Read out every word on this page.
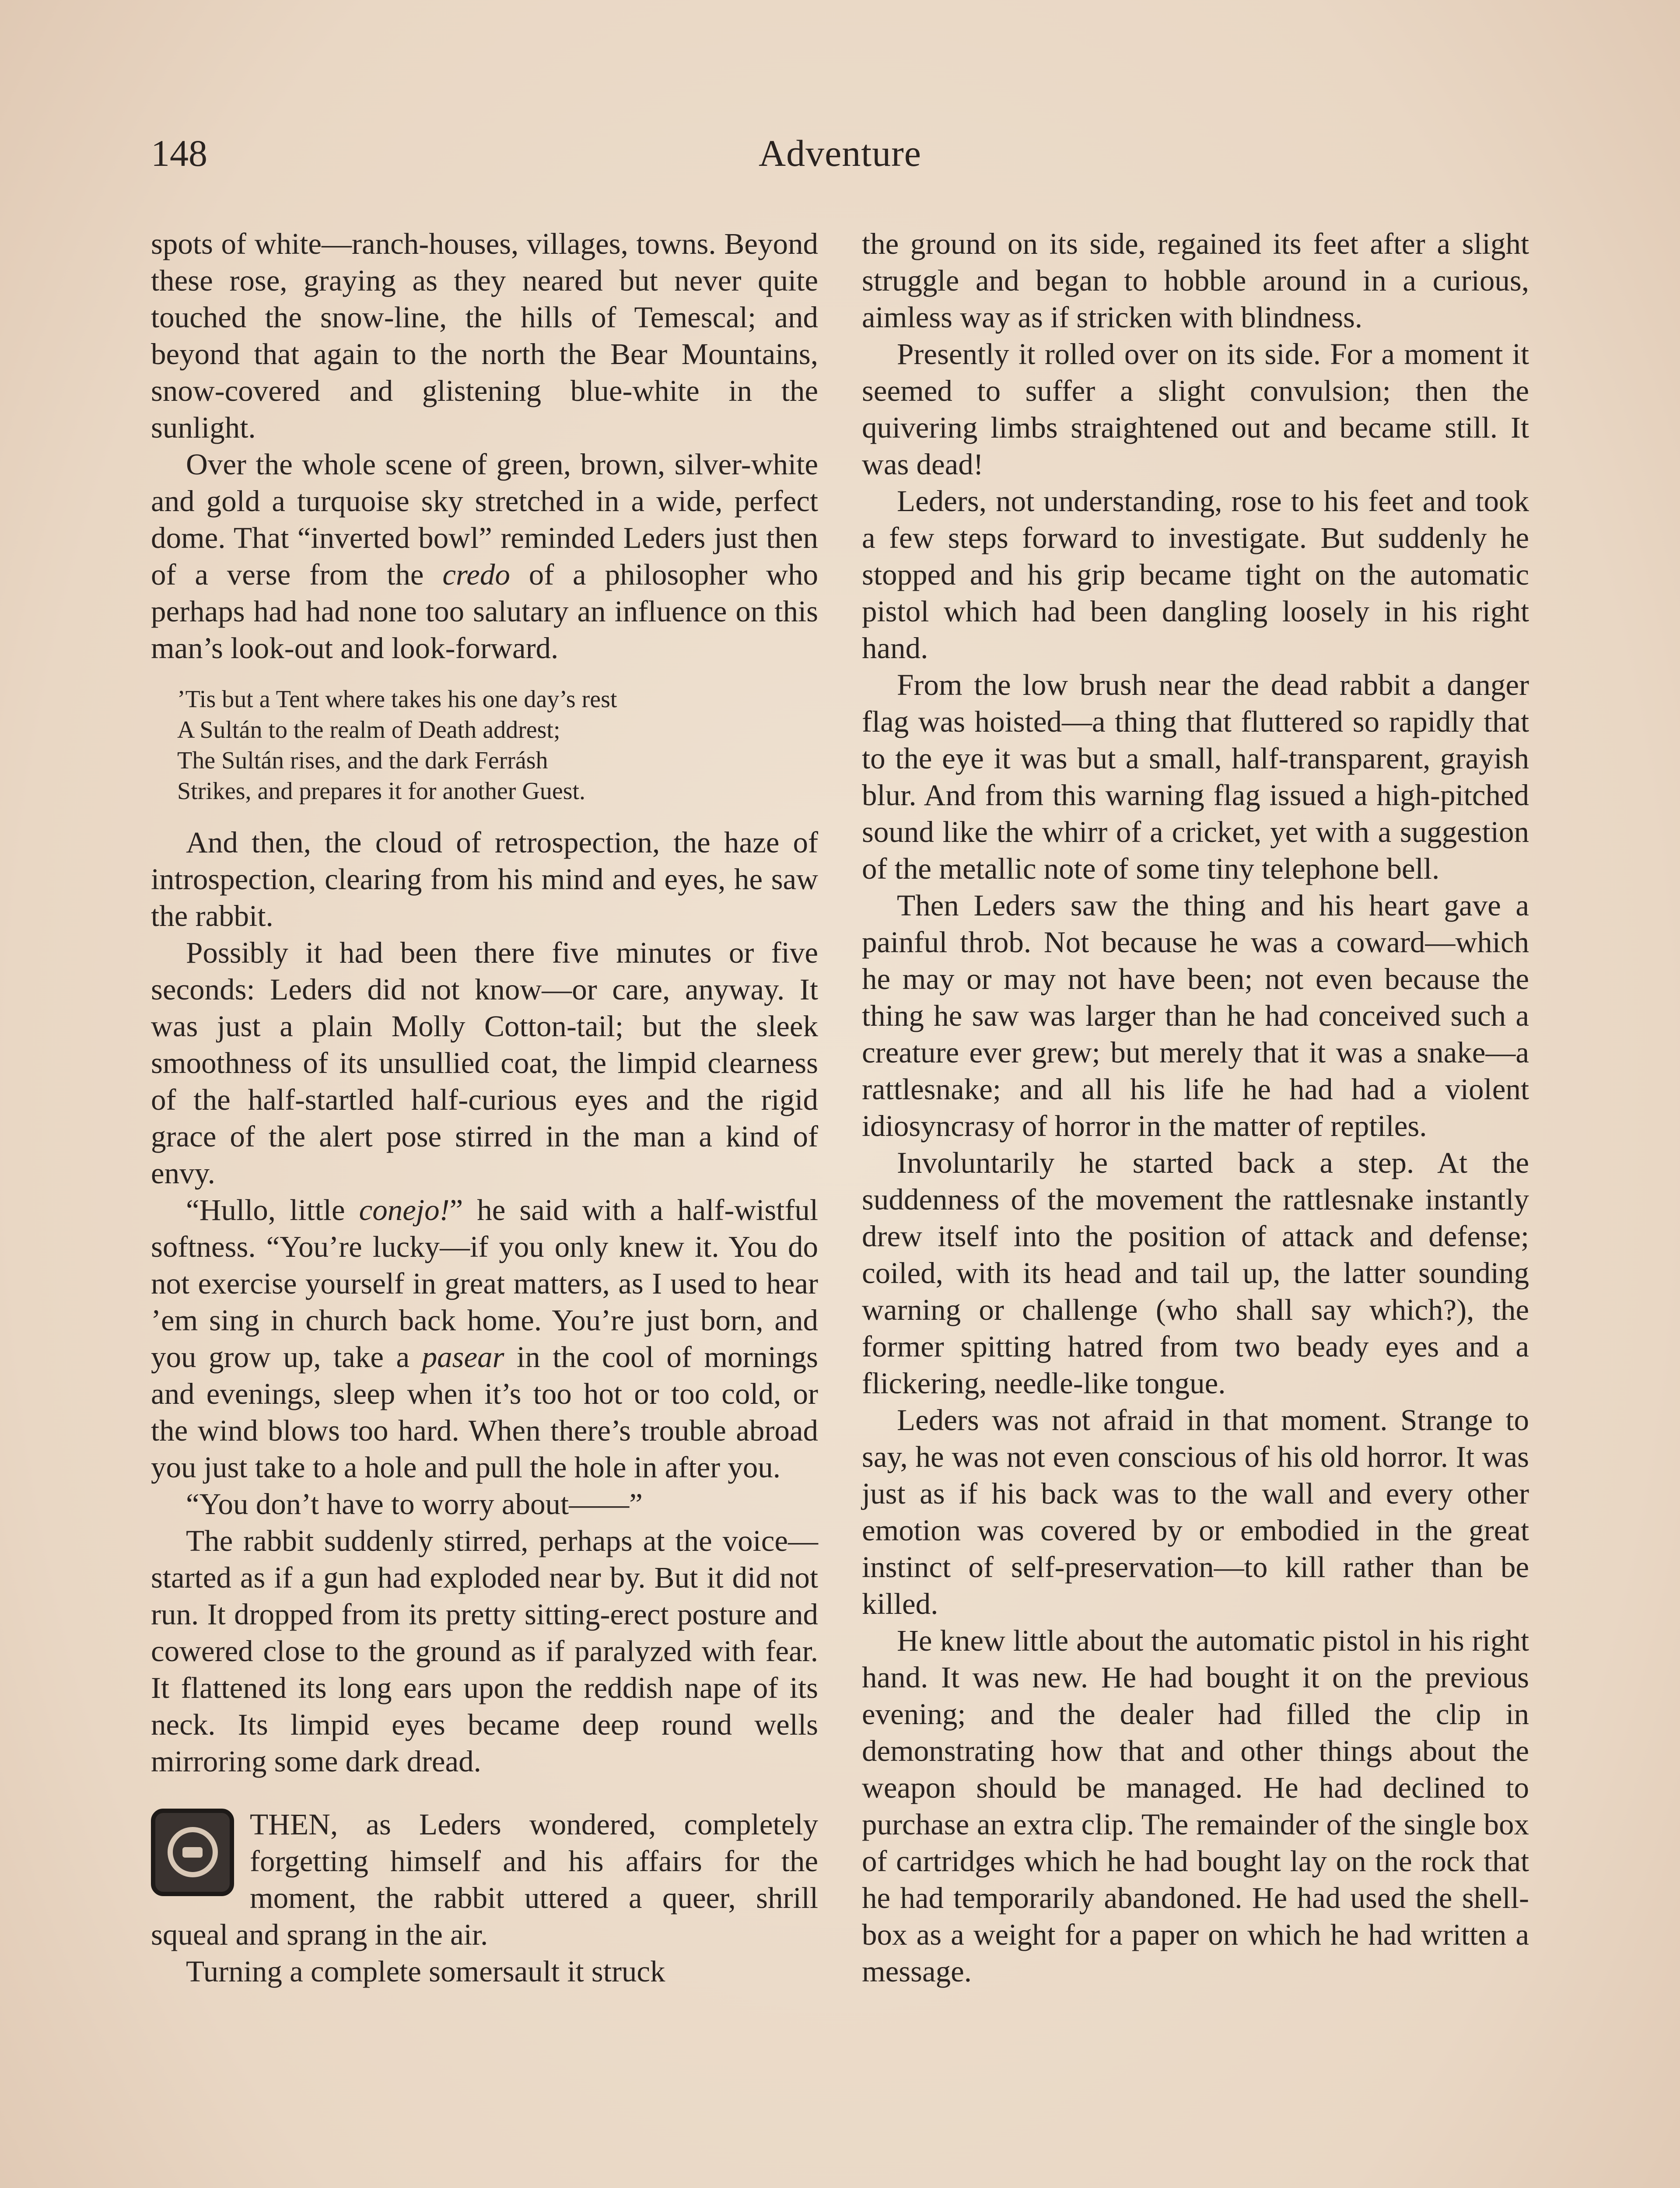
148	Adventure

spots of white—ranch-houses, villages, towns. Beyond these rose, graying as they neared but never quite touched the snow-line, the hills of Temescal; and beyond that again to the north the Bear Mountains, snow-covered and glistening blue-white in the sunlight.

Over the whole scene of green, brown, silver-white and gold a turquoise sky stretched in a wide, perfect dome. That “inverted bowl” reminded Leders just then of a verse from the credo of a philosopher who perhaps had had none too salutary an influence on this man’s look-out and look-forward.

’Tis but a Tent where takes his one day’s rest
A Sultán to the realm of Death addrest;
The Sultán rises, and the dark Ferrásh
Strikes, and prepares it for another Guest.

And then, the cloud of retrospection, the haze of introspection, clearing from his mind and eyes, he saw the rabbit.

Possibly it had been there five minutes or five seconds: Leders did not know—or care, anyway. It was just a plain Molly Cotton-tail; but the sleek smoothness of its unsullied coat, the limpid clearness of the half-startled half-curious eyes and the rigid grace of the alert pose stirred in the man a kind of envy.

“Hullo, little conejo!” he said with a half-wistful softness. “You’re lucky—if you only knew it. You do not exercise yourself in great matters, as I used to hear ’em sing in church back home. You’re just born, and you grow up, take a pasear in the cool of mornings and evenings, sleep when it’s too hot or too cold, or the wind blows too hard. When there’s trouble abroad you just take to a hole and pull the hole in after you.

“You don’t have to worry about——”

The rabbit suddenly stirred, perhaps at the voice—started as if a gun had exploded near by. But it did not run. It dropped from its pretty sitting-erect posture and cowered close to the ground as if paralyzed with fear. It flattened its long ears upon the reddish nape of its neck. Its limpid eyes became deep round wells mirroring some dark dread.

THEN, as Leders wondered, completely forgetting himself and his affairs for the moment, the rabbit uttered a queer, shrill squeal and sprang in the air.

Turning a complete somersault it struck

the ground on its side, regained its feet after a slight struggle and began to hobble around in a curious, aimless way as if stricken with blindness.

Presently it rolled over on its side. For a moment it seemed to suffer a slight convulsion; then the quivering limbs straightened out and became still. It was dead!

Leders, not understanding, rose to his feet and took a few steps forward to investigate. But suddenly he stopped and his grip became tight on the automatic pistol which had been dangling loosely in his right hand.

From the low brush near the dead rabbit a danger flag was hoisted—a thing that fluttered so rapidly that to the eye it was but a small, half-transparent, grayish blur. And from this warning flag issued a high-pitched sound like the whirr of a cricket, yet with a suggestion of the metallic note of some tiny telephone bell.

Then Leders saw the thing and his heart gave a painful throb. Not because he was a coward—which he may or may not have been; not even because the thing he saw was larger than he had conceived such a creature ever grew; but merely that it was a snake—a rattlesnake; and all his life he had had a violent idiosyncrasy of horror in the matter of reptiles.

Involuntarily he started back a step. At the suddenness of the movement the rattlesnake instantly drew itself into the position of attack and defense; coiled, with its head and tail up, the latter sounding warning or challenge (who shall say which?), the former spitting hatred from two beady eyes and a flickering, needle-like tongue.

Leders was not afraid in that moment. Strange to say, he was not even conscious of his old horror. It was just as if his back was to the wall and every other emotion was covered by or embodied in the great instinct of self-preservation—to kill rather than be killed.

He knew little about the automatic pistol in his right hand. It was new. He had bought it on the previous evening; and the dealer had filled the clip in demonstrating how that and other things about the weapon should be managed. He had declined to purchase an extra clip. The remainder of the single box of cartridges which he had bought lay on the rock that he had temporarily abandoned. He had used the shell-box as a weight for a paper on which he had written a message.
